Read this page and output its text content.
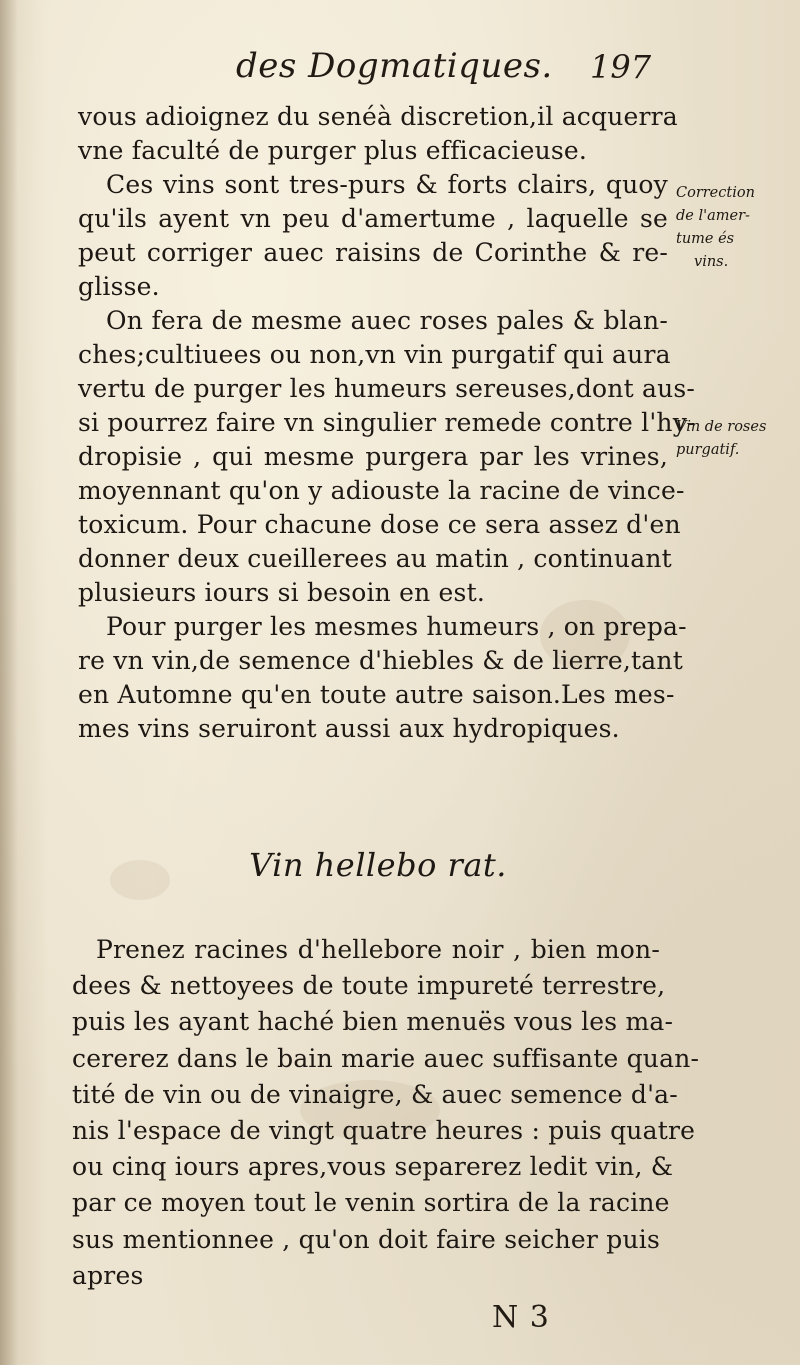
des Dogmatiques. 197
vous adioignez du senéà discretion,il acquerra
vne faculté de purger plus efficacieuse.
Ces vins sont tres-purs & forts clairs, quoy
qu'ils ayent vn peu d'amertume , laquelle se
peut corriger auec raisins de Corinthe & re-
glisse.
On fera de mesme auec roses pales & blan-
ches;cultiuees ou non,vn vin purgatif qui aura
vertu de purger les humeurs sereuses,dont aus-
si pourrez faire vn singulier remede contre l'hy-
dropisie , qui mesme purgera par les vrines,
moyennant qu'on y adiouste la racine de vince-
toxicum. Pour chacune dose ce sera assez d'en
donner deux cueillerees au matin , continuant
plusieurs iours si besoin en est.
Pour purger les mesmes humeurs , on prepa-
re vn vin,de semence d'hiebles & de lierre,tant
en Automne qu'en toute autre saison.Les mes-
mes vins seruiront aussi aux hydropiques.
Correction
de l'amer-
tume és
vins.
Vin de roses
purgatif.
Vin hellebo rat.
Prenez racines d'hellebore noir , bien mon-
dees & nettoyees de toute impureté terrestre,
puis les ayant haché bien menuës vous les ma-
cererez dans le bain marie auec suffisante quan-
tité de vin ou de vinaigre, & auec semence d'a-
nis l'espace de vingt quatre heures : puis quatre
ou cinq iours apres,vous separerez ledit vin, &
par ce moyen tout le venin sortira de la racine
sus mentionnee , qu'on doit faire seicher puis
apres
N 3
